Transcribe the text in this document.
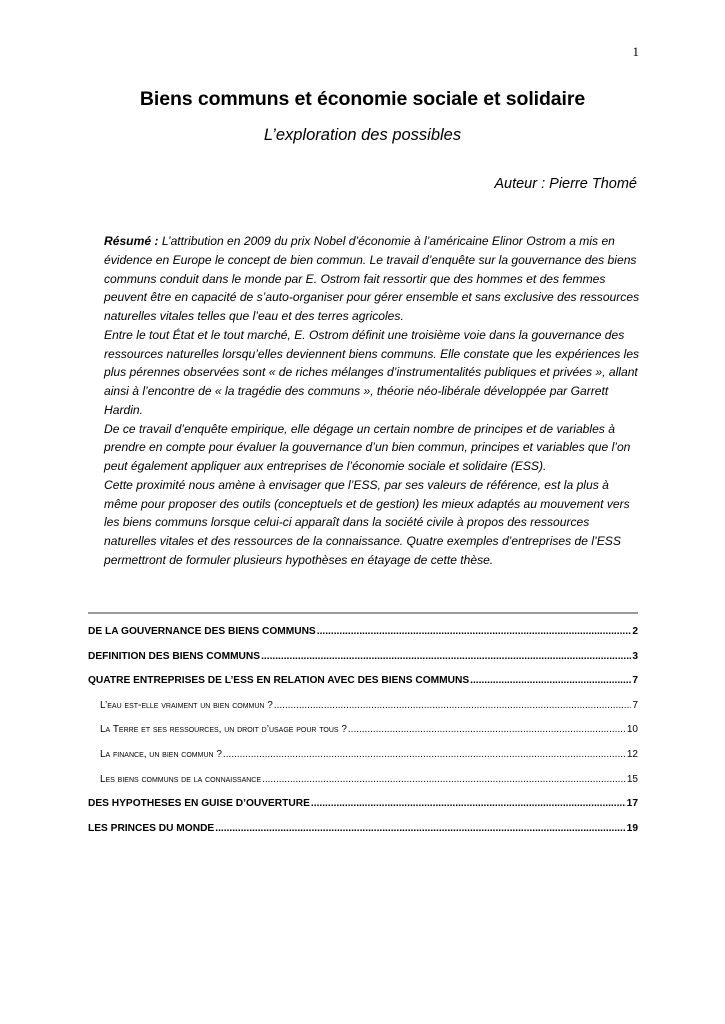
1
Biens communs et économie sociale et solidaire
L’exploration des possibles
Auteur : Pierre Thomé

Résumé : L’attribution en 2009 du prix Nobel d’économie à l’américaine Elinor Ostrom a mis en évidence en Europe le concept de bien commun. Le travail d’enquête sur la gouvernance des biens communs conduit dans le monde par E. Ostrom fait ressortir que des hommes et des femmes peuvent être en capacité de s’auto-organiser pour gérer ensemble et sans exclusive des ressources naturelles vitales telles que l’eau et des terres agricoles.

Entre le tout État et le tout marché, E. Ostrom définit une troisième voie dans la gouvernance des ressources naturelles lorsqu’elles deviennent biens communs. Elle constate que les expériences les plus pérennes observées sont « de riches mélanges d’instrumentalités publiques et privées », allant ainsi à l’encontre de « la tragédie des communs », théorie néo-libérale développée par Garrett Hardin.

De ce travail d’enquête empirique, elle dégage un certain nombre de principes et de variables à prendre en compte pour évaluer la gouvernance d’un bien commun, principes et variables que l’on peut également appliquer aux entreprises de l’économie sociale et solidaire (ESS).

Cette proximité nous amène à envisager que l’ESS, par ses valeurs de référence, est la plus à même pour proposer des outils (conceptuels et de gestion) les mieux adaptés au mouvement vers les biens communs lorsque celui-ci apparaît dans la société civile à propos des ressources naturelles vitales et des ressources de la connaissance. Quatre exemples d’entreprises de l’ESS permettront de formuler plusieurs hypothèses en étayage de cette thèse.

DE LA GOUVERNANCE DES BIENS COMMUNS .....	2
DEFINITION DES BIENS COMMUNS .....	3
QUATRE ENTREPRISES DE L’ESS EN RELATION AVEC DES BIENS COMMUNS .....	7
L’eau est-elle vraiment un bien commun ? .....	7
La Terre et ses ressources, un droit d’usage pour tous ? .....	10
La finance, un bien commun ? .....	12
Les biens communs de la connaissance .....	15
DES HYPOTHESES EN GUISE D’OUVERTURE .....	17
LES PRINCES DU MONDE .....	19
